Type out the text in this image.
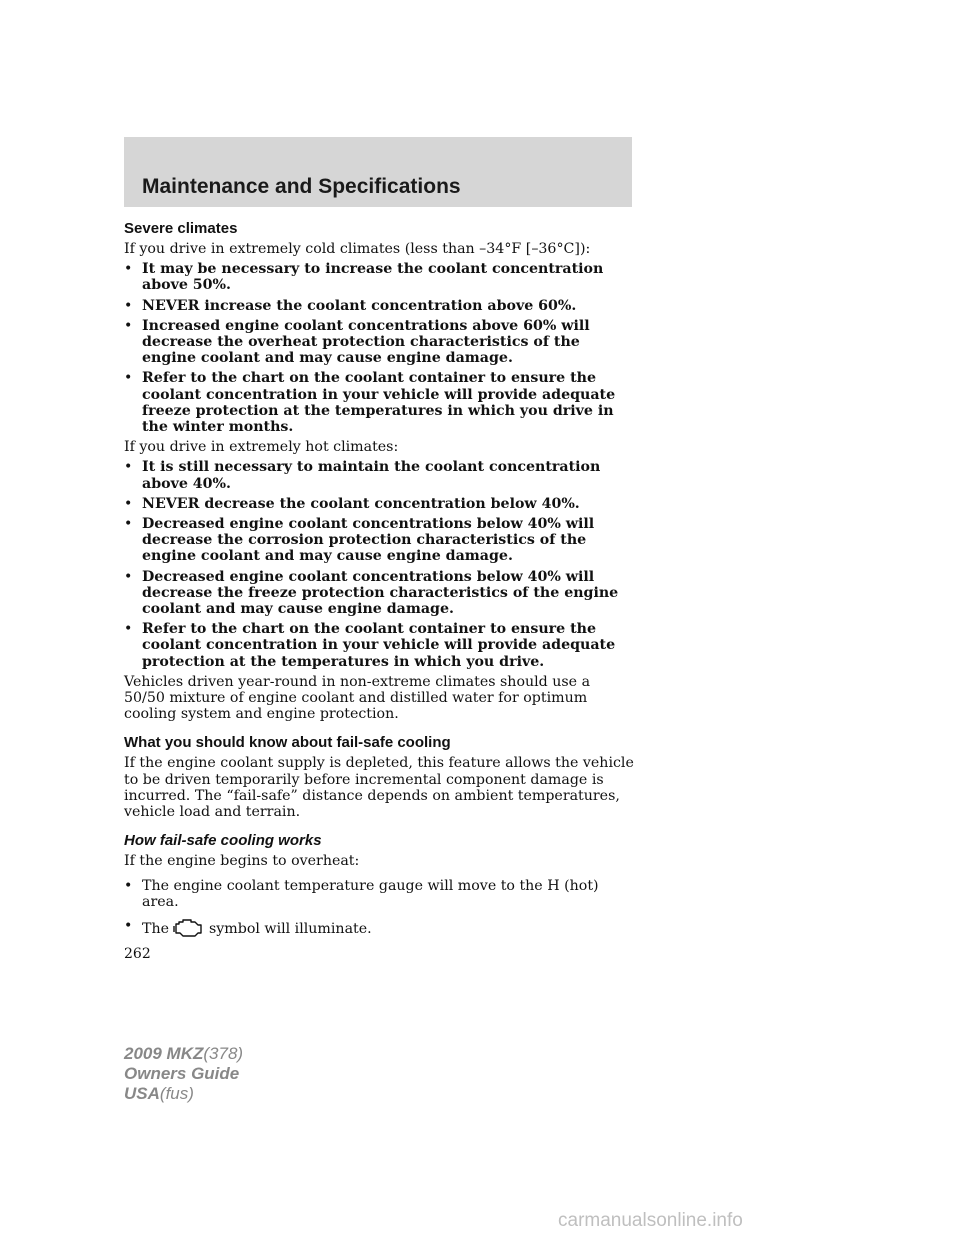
Maintenance and Specifications
Severe climates
If you drive in extremely cold climates (less than –34°F [–36°C]):
• It may be necessary to increase the coolant concentration above 50%.
• NEVER increase the coolant concentration above 60%.
• Increased engine coolant concentrations above 60% will decrease the overheat protection characteristics of the engine coolant and may cause engine damage.
• Refer to the chart on the coolant container to ensure the coolant concentration in your vehicle will provide adequate freeze protection at the temperatures in which you drive in the winter months.
If you drive in extremely hot climates:
• It is still necessary to maintain the coolant concentration above 40%.
• NEVER decrease the coolant concentration below 40%.
• Decreased engine coolant concentrations below 40% will decrease the corrosion protection characteristics of the engine coolant and may cause engine damage.
• Decreased engine coolant concentrations below 40% will decrease the freeze protection characteristics of the engine coolant and may cause engine damage.
• Refer to the chart on the coolant container to ensure the coolant concentration in your vehicle will provide adequate protection at the temperatures in which you drive.
Vehicles driven year-round in non-extreme climates should use a 50/50 mixture of engine coolant and distilled water for optimum cooling system and engine protection.
What you should know about fail-safe cooling
If the engine coolant supply is depleted, this feature allows the vehicle to be driven temporarily before incremental component damage is incurred. The “fail-safe” distance depends on ambient temperatures, vehicle load and terrain.
How fail-safe cooling works
If the engine begins to overheat:
• The engine coolant temperature gauge will move to the H (hot) area.
• The	symbol will illuminate.
262
2009 MKZ(378)
Owners Guide
USA(fus)
carmanualsonline.info
